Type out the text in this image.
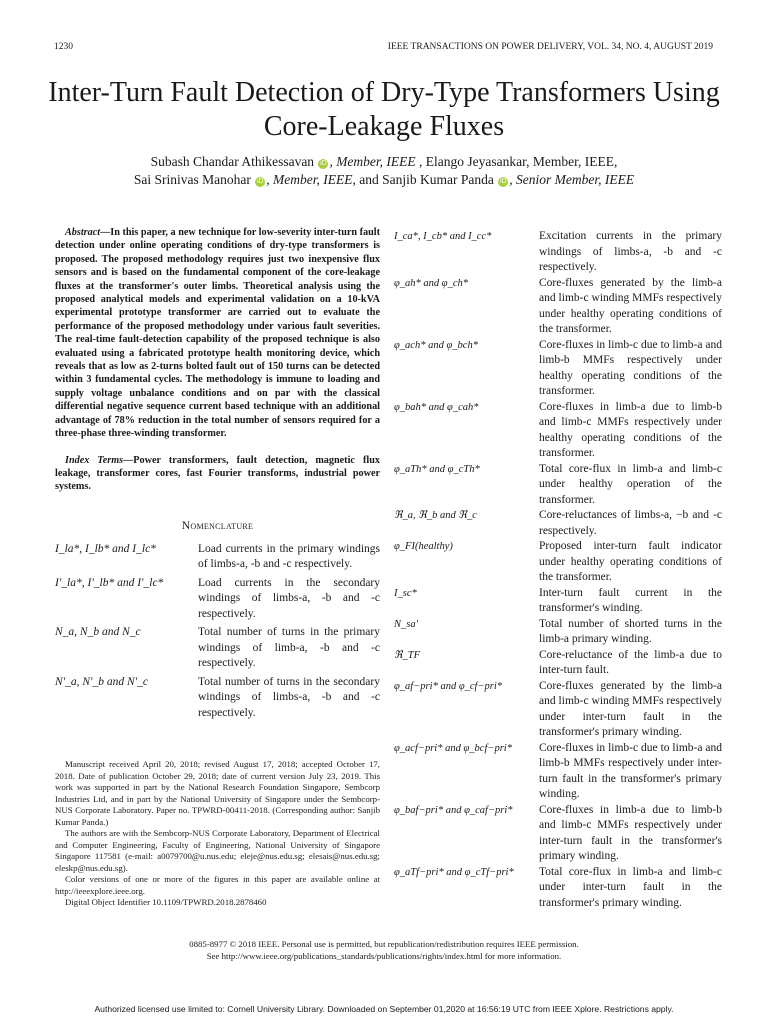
1230	IEEE TRANSACTIONS ON POWER DELIVERY, VOL. 34, NO. 4, AUGUST 2019
Inter-Turn Fault Detection of Dry-Type Transformers Using Core-Leakage Fluxes
Subash Chandar Athikessavan iD , Member, IEEE , Elango Jeyasankar, Member, IEEE,
Sai Srinivas Manohar iD , Member, IEEE, and Sanjib Kumar Panda iD , Senior Member, IEEE

Abstract—In this paper, a new technique for low-severity inter-turn fault detection under online operating conditions of dry-type transformers is proposed. The proposed methodology requires just two inexpensive flux sensors and is based on the fundamental component of the core-leakage fluxes at the transformer's outer limbs. Theoretical analysis using the proposed analytical models and experimental validation on a 10-kVA experimental prototype transformer are carried out to evaluate the performance of the proposed methodology under various fault severities. The real-time fault-detection capability of the proposed technique is also evaluated using a fabricated prototype health monitoring device, which reveals that as low as 2-turns bolted fault out of 150 turns can be detected within 3 fundamental cycles. The methodology is immune to loading and supply voltage unbalance conditions and on par with the classical differential negative sequence current based technique with an additional advantage of 78% reduction in the total number of sensors required for a three-phase three-winding transformer.

Index Terms—Power transformers, fault detection, magnetic flux leakage, transformer cores, fast Fourier transforms, industrial power systems.

Nomenclature
I_la*, I_lb* and I_lc*	Load currents in the primary windings of limbs-a, -b and -c respectively.
I'_la*, I'_lb* and I'_lc*	Load currents in the secondary windings of limbs-a, -b and -c respectively.
N_a, N_b and N_c	Total number of turns in the primary windings of limb-a, -b and -c respectively.
N'_a, N'_b and N'_c	Total number of turns in the secondary windings of limbs-a, -b and -c respectively.

Manuscript received April 20, 2018; revised August 17, 2018; accepted October 17, 2018. Date of publication October 29, 2018; date of current version July 23, 2019. This work was supported in part by the National Research Foundation Singapore, Sembcorp Industries Ltd, and in part by the National University of Singapore under the Sembcorp-NUS Corporate Laboratory. Paper no. TPWRD-00411-2018. (Corresponding author: Sanjib Kumar Panda.)

The authors are with the Sembcorp-NUS Corporate Laboratory, Department of Electrical and Computer Engineering, Faculty of Engineering, National University of Singapore Singapore 117581 (e-mail: a0079700@u.nus.edu; eleje@nus.edu.sg; elesais@nus.edu.sg; eleskp@nus.edu.sg).

Color versions of one or more of the figures in this paper are available online at http://ieeexplore.ieee.org.

Digital Object Identifier 10.1109/TPWRD.2018.2878460

I_ca*, I_cb* and I_cc*	Excitation currents in the primary windings of limbs-a, -b and -c respectively.
φ_ah* and φ_ch*	Core-fluxes generated by the limb-a and limb-c winding MMFs respectively under healthy operating conditions of the transformer.
φ_ach* and φ_bch*	Core-fluxes in limb-c due to limb-a and limb-b MMFs respectively under healthy operating conditions of the transformer.
φ_bah* and φ_cah*	Core-fluxes in limb-a due to limb-b and limb-c MMFs respectively under healthy operating conditions of the transformer.
φ_aTh* and φ_cTh*	Total core-flux in limb-a and limb-c under healthy operation of the transformer.
ℜ_a, ℜ_b and ℜ_c	Core-reluctances of limbs-a, −b and -c respectively.
φ_FI(healthy)	Proposed inter-turn fault indicator under healthy operating conditions of the transformer.
I_sc*	Inter-turn fault current in the transformer's winding.
N_sa'	Total number of shorted turns in the limb-a primary winding.
ℜ_TF	Core-reluctance of the limb-a due to inter-turn fault.
φ_af−pri* and φ_cf−pri*	Core-fluxes generated by the limb-a and limb-c winding MMFs respectively under inter-turn fault in the transformer's primary winding.
φ_acf−pri* and φ_bcf−pri*	Core-fluxes in limb-c due to limb-a and limb-b MMFs respectively under inter-turn fault in the transformer's primary winding.
φ_baf−pri* and φ_caf−pri*	Core-fluxes in limb-a due to limb-b and limb-c MMFs respectively under inter-turn fault in the transformer's primary winding.
φ_aTf−pri* and φ_cTf−pri*	Total core-flux in limb-a and limb-c under inter-turn fault in the transformer's primary winding.
0885-8977 © 2018 IEEE. Personal use is permitted, but republication/redistribution requires IEEE permission.
See http://www.ieee.org/publications_standards/publications/rights/index.html for more information.
Authorized licensed use limited to: Cornell University Library. Downloaded on September 01,2020 at 16:56:19 UTC from IEEE Xplore. Restrictions apply.
